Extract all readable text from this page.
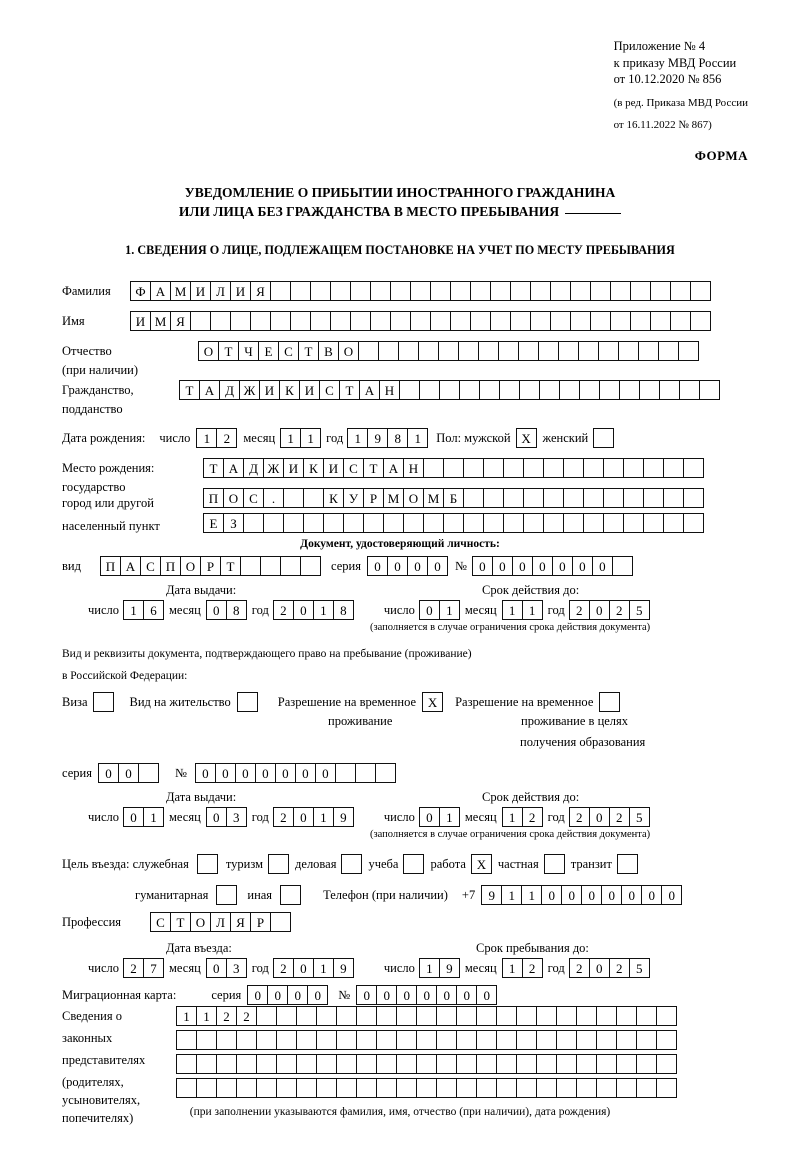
Приложение № 4
к приказу МВД России
от 10.12.2020 № 856
(в ред. Приказа МВД России
от 16.11.2022 № 867)
ФОРМА
УВЕДОМЛЕНИЕ О ПРИБЫТИИ ИНОСТРАННОГО ГРАЖДАНИНА
ИЛИ ЛИЦА БЕЗ ГРАЖДАНСТВА В МЕСТО ПРЕБЫВАНИЯ
1. СВЕДЕНИЯ О ЛИЦЕ, ПОДЛЕЖАЩЕМ ПОСТАНОВКЕ НА УЧЕТ ПО МЕСТУ ПРЕБЫВАНИЯ
Фамилия	Ф А М И Л И Я
Имя	И М Я
Отчество	О Т Ч Е С Т В О
(при наличии)
Гражданство,	Т А Д Ж И К И С Т А Н
подданство
Дата рождения: число	1	2	месяц 1	1 год 1	9	8	1	Пол: мужской X женский
Место рождения:	Т А Д Ж И К И С Т А Н
государство
П О С	.	К У Р М О М Б
город или другой
Е З
населенный пункт
Документ, удостоверяющий личность:
вид	П А С П О Р Т	серия	0	0	0	0	№ 0	0	0	0	0	0	0
Дата выдачи:	Срок действия до:
число 1	6 месяц 0	8 год 2	0	1	8	число 0	1 месяц 1	1 год 2	0	2	5
(заполняется в случае ограничения срока действия документа)
Вид и реквизиты документа, подтверждающего право на пребывание (проживание)
в Российской Федерации:
Виза	Вид на жительство	Разрешение на временное X	Разрешение на временное
проживание	проживание в целях
получения образования
серия	0	0	№	0	0	0	0	0	0	0
Дата выдачи:	Срок действия до:
число 0	1 месяц 0	3 год 2	0	1	9	число 0	1 месяц 1	2 год 2	0	2	5
(заполняется в случае ограничения срока действия документа)
Цель въезда: служебная	туризм	деловая	учеба	работа X частная	транзит
гуманитарная	иная	Телефон (при наличии) +7	9	1	1	0	0	0	0	0	0	0
Профессия	С Т О Л Я Р
Дата въезда:	Срок пребывания до:
число 2	7 месяц 0	3 год 2	0	1	9	число 1	9 месяц 1	2 год 2	0	2	5
Миграционная карта:	серия	0	0	0	0	№	0	0	0	0	0	0	0
Сведения о
законных
представителях
(родителях,
усыновителях,
попечителях)
1	1	2	2
(при заполнении указываются фамилия, имя, отчество (при наличии), дата рождения)
